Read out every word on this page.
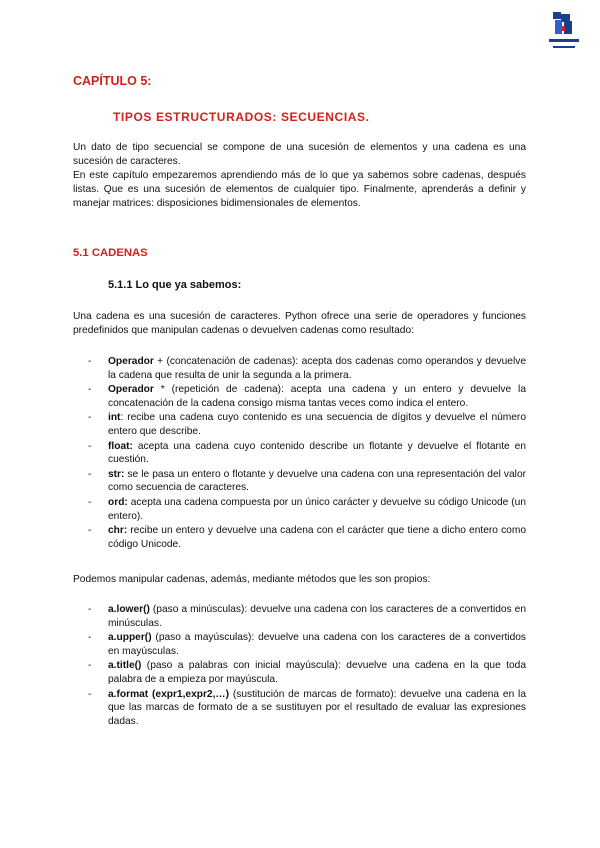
CAPÍTULO 5:
TIPOS ESTRUCTURADOS: SECUENCIAS.
Un dato de tipo secuencial se compone de una sucesión de elementos y una cadena es una sucesión de caracteres.
En este capítulo empezaremos aprendiendo más de lo que ya sabemos sobre cadenas, después listas. Que es una sucesión de elementos de cualquier tipo. Finalmente, aprenderás a definir y manejar matrices: disposiciones bidimensionales de elementos.
5.1 CADENAS
5.1.1 Lo que ya sabemos:
Una cadena es una sucesión de caracteres. Python ofrece una serie de operadores y funciones predefinidos que manipulan cadenas o devuelven cadenas como resultado:
- Operador + (concatenación de cadenas): acepta dos cadenas como operandos y devuelve la cadena que resulta de unir la segunda a la primera.
- Operador * (repetición de cadena): acepta una cadena y un entero y devuelve la concatenación de la cadena consigo misma tantas veces como indica el entero.
- int: recibe una cadena cuyo contenido es una secuencia de dígitos y devuelve el número entero que describe.
- float: acepta una cadena cuyo contenido describe un flotante y devuelve el flotante en cuestión.
- str: se le pasa un entero o flotante y devuelve una cadena con una representación del valor como secuencia de caracteres.
- ord: acepta una cadena compuesta por un único carácter y devuelve su código Unicode (un entero).
- chr: recibe un entero y devuelve una cadena con el carácter que tiene a dicho entero como código Unicode.
Podemos manipular cadenas, además, mediante métodos que les son propios:
- a.lower() (paso a minúsculas): devuelve una cadena con los caracteres de a convertidos en minúsculas.
- a.upper() (paso a mayúsculas): devuelve una cadena con los caracteres de a convertidos en mayúsculas.
- a.title() (paso a palabras con inicial mayúscula): devuelve una cadena en la que toda palabra de a empieza por mayúscula.
- a.format (expr1,expr2,…) (sustitución de marcas de formato): devuelve una cadena en la que las marcas de formato de a se sustituyen por el resultado de evaluar las expresiones dadas.
